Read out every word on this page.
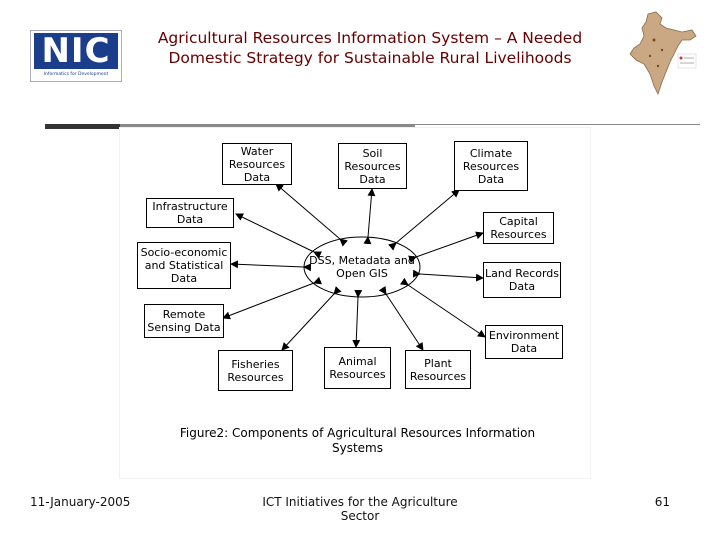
NIC
Informatics for Development
Agricultural Resources Information System – A Needed Domestic Strategy for Sustainable Rural Livelihoods
Water
Resources
Data
Soil
Resources
Data
Climate
Resources
Data
Infrastructure
Data	Capital
Resources
Socio-economic
and Statistical
Data	Land Records
Data
Remote
Sensing Data
Environment
Data
Fisheries
Resources
Animal
Resources
Plant
Resources
DSS, Metadata and
Open GIS
Figure2: Components of Agricultural Resources Information Systems
11-January-2005	ICT Initiatives for the Agriculture Sector
61
